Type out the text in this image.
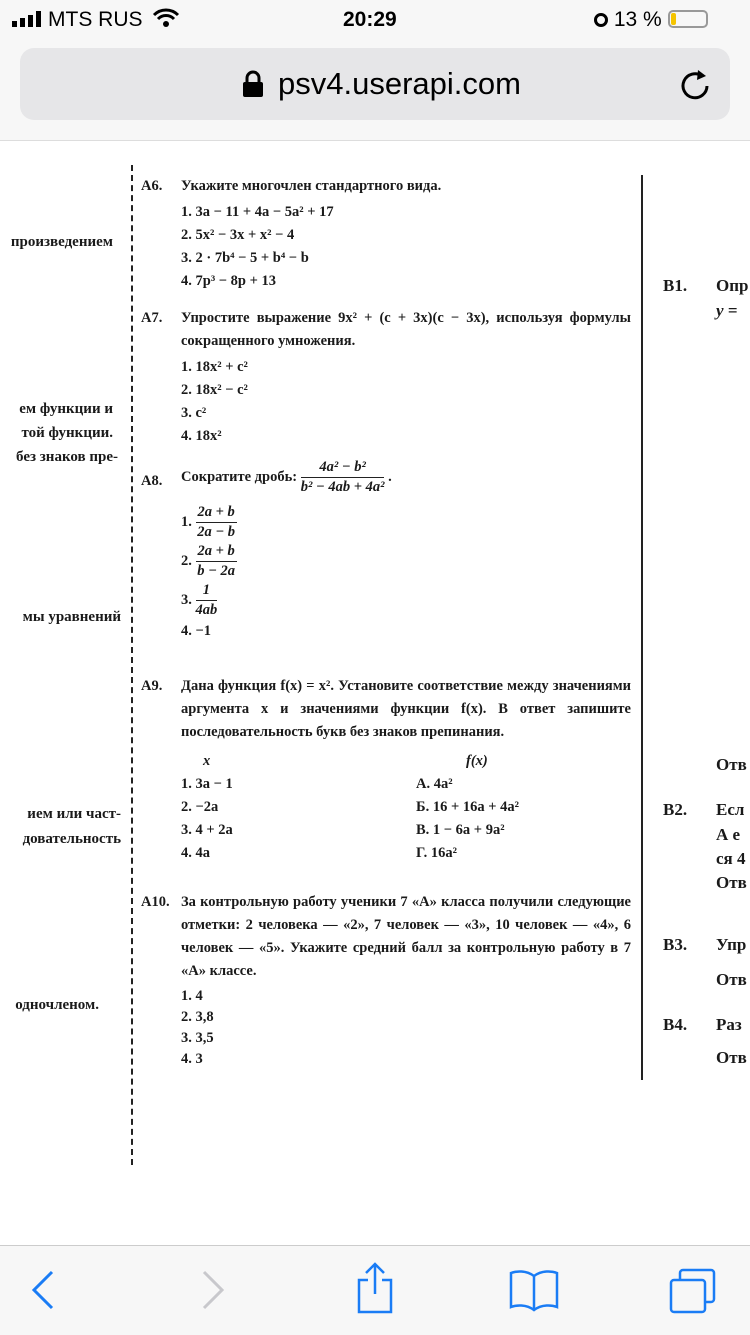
MTS RUS	20:29	13 %
psv4.userapi.com
произведением
ем функции и
той функции.
без знаков пре-
мы уравнений
ием или част-
довательность
одночленом.
B1. Опр
y =
Отв
B2. Есл
А е
ся 4
Отв
B3. Упр
Отв
B4. Раз
Отв
A6. Укажите многочлен стандартного вида.
1. 3a − 11 + 4a − 5a² + 17
2. 5x² − 3x + x² − 4
3. 2 · 7b⁴ − 5 + b⁴ − b
4. 7p³ − 8p + 13
A7. Упростите выражение 9x² + (c + 3x)(c − 3x), используя формулы сокращенного умножения.
1. 18x² + c²
2. 18x² − c²
3. c²
4. 18x²
A8. Сократите дробь: $\frac{\text{4a² − b²}}{\text{b² − 4ab + 4a²}}$ .
1. $\frac{2a + b}{2a - b}$
2. $\frac{2a + b}{b - 2a}$
3. $\frac{1}{4ab}$
4. −1
A9. Дана функция f(x) = x². Установите соответствие между значениями аргумента x и значениями функции f(x). В ответ запишите последовательность букв без знаков препинания.
x
1. 3a − 1
2. −2a
3. 4 + 2a
4. 4a
f(x)
А. 4a²
Б. 16 + 16a + 4a²
В. 1 − 6a + 9a²
Г. 16a²
A10. За контрольную работу ученики 7 «А» класса получили следующие отметки: 2 человека — «2», 7 человек — «3», 10 человек — «4», 6 человек — «5». Укажите средний балл за контрольную работу в 7 «А» классе.
1. 4
2. 3,8
3. 3,5
4. 3
